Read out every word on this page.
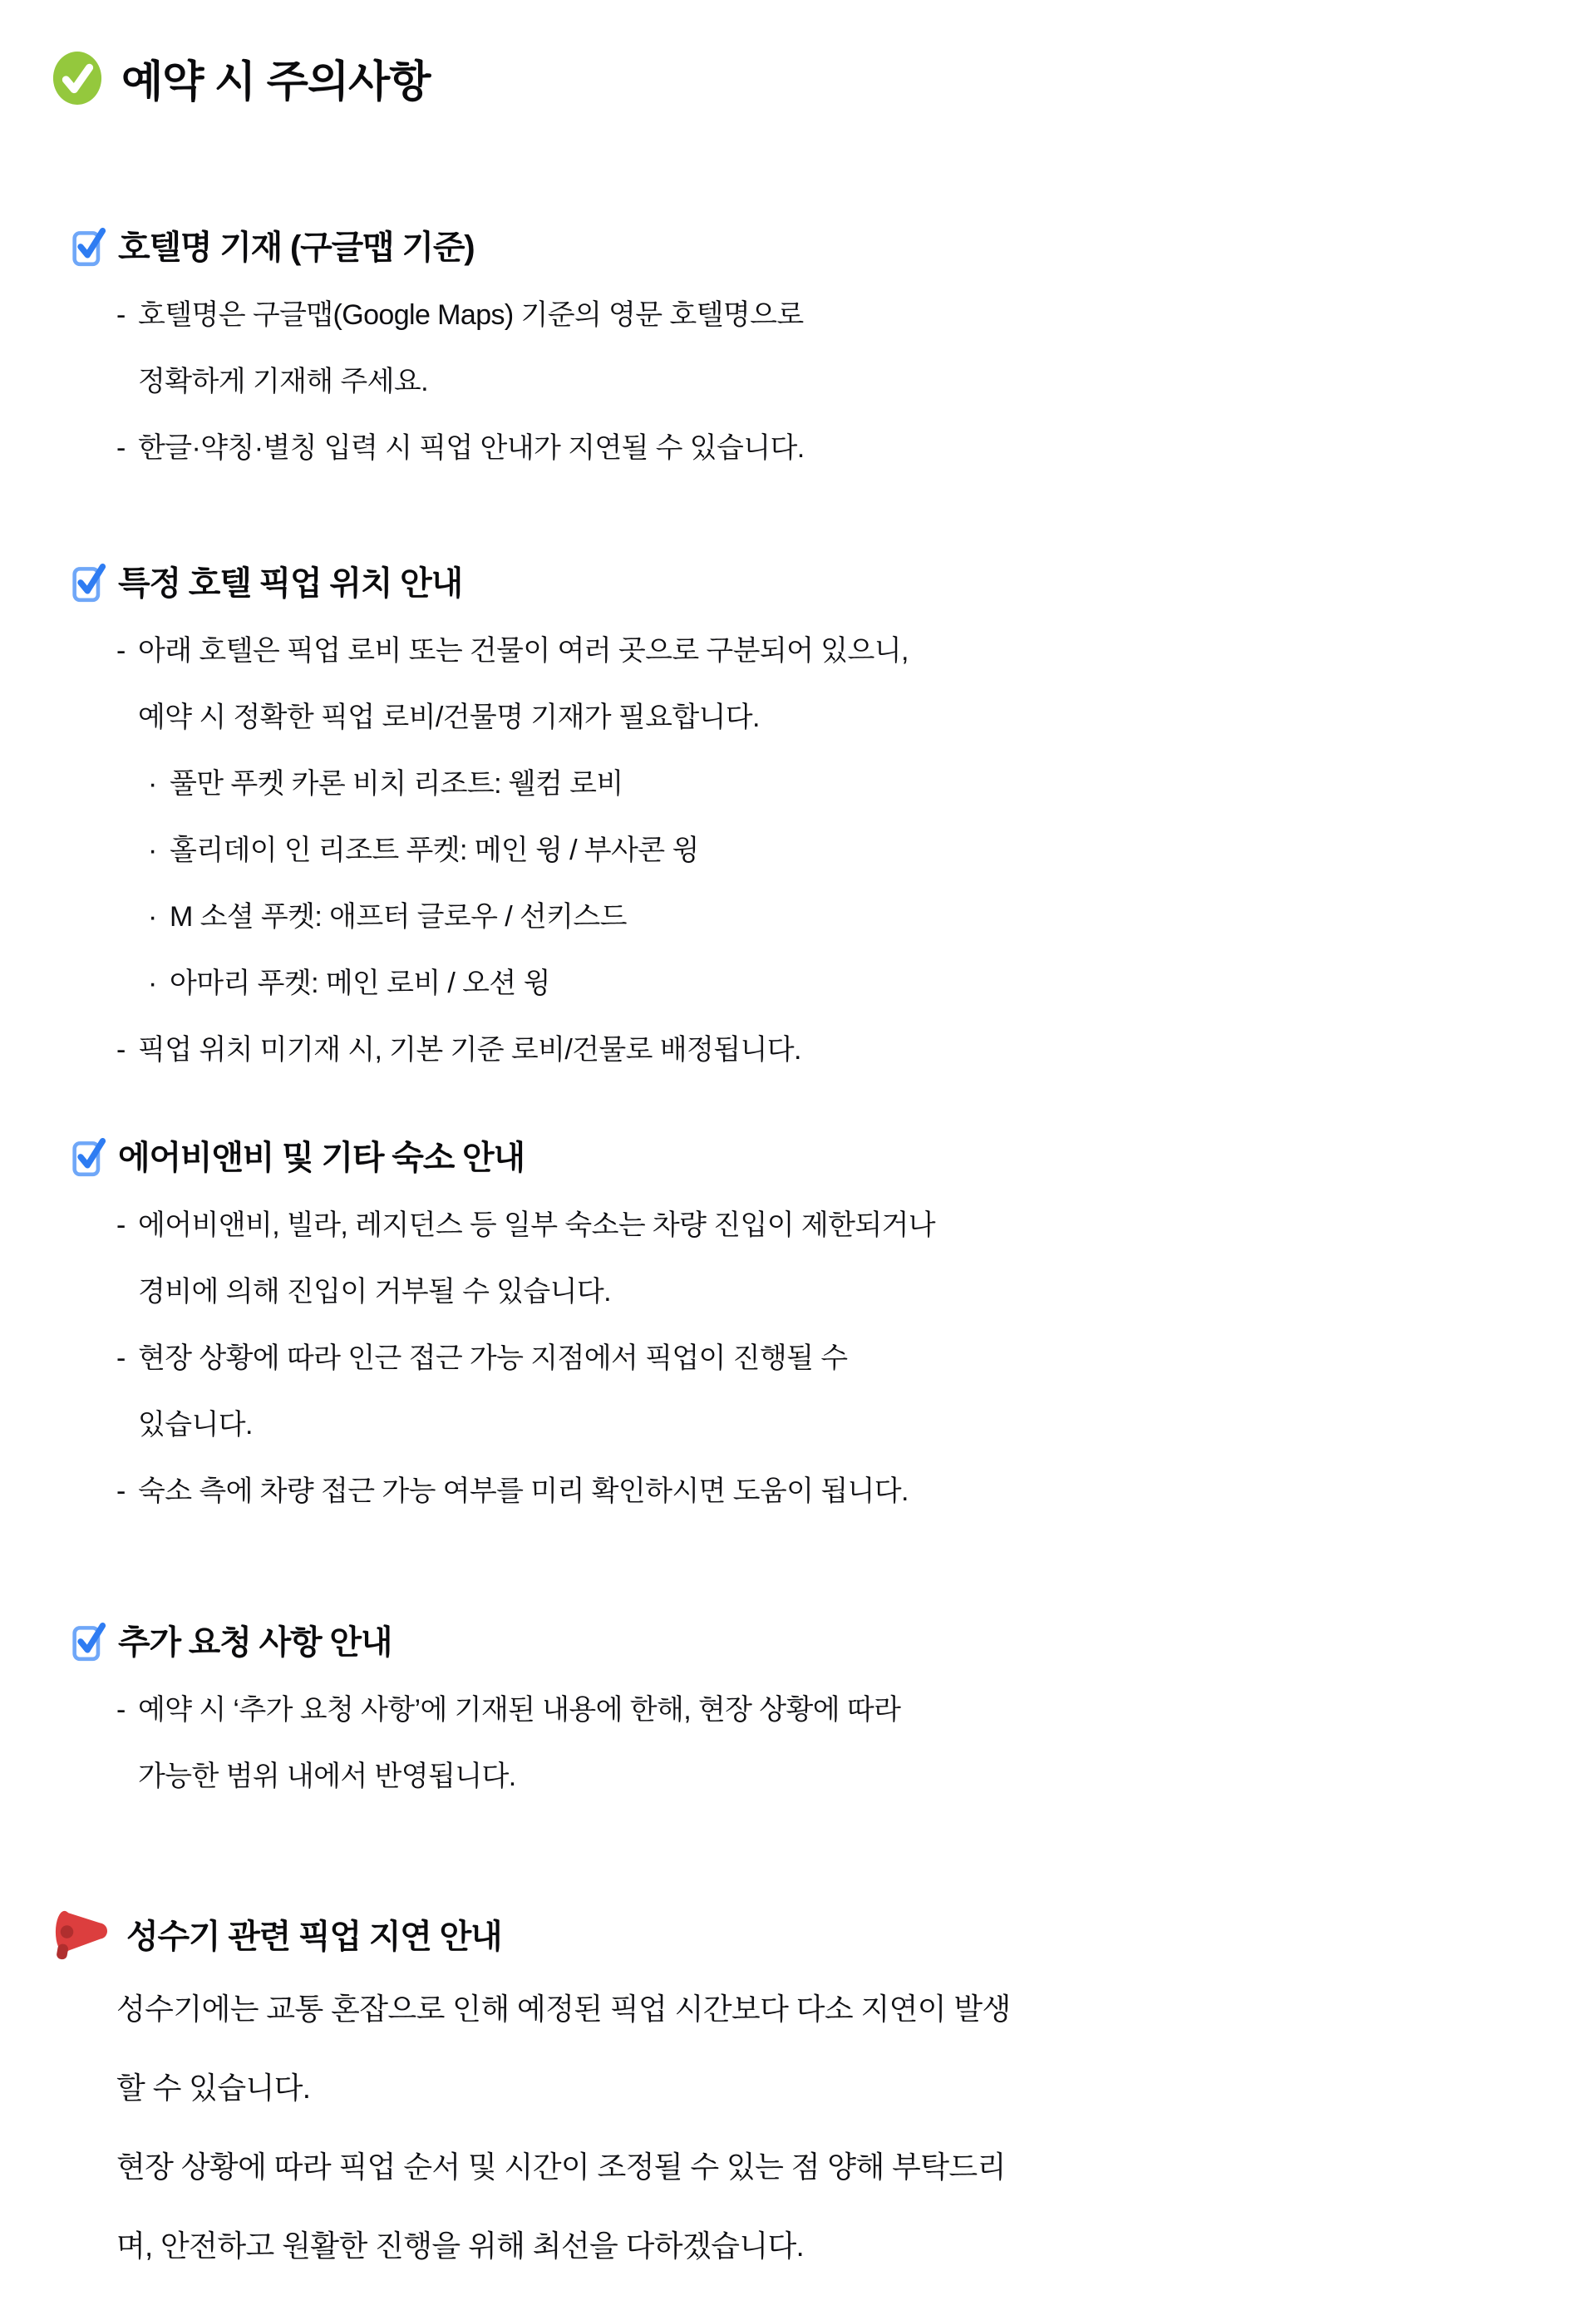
예약 시 주의사항
호텔명 기재 (구글맵 기준)
- 호텔명은 구글맵(Google Maps) 기준의 영문 호텔명으로
정확하게 기재해 주세요.
- 한글·약칭·별칭 입력 시 픽업 안내가 지연될 수 있습니다.
특정 호텔 픽업 위치 안내
- 아래 호텔은 픽업 로비 또는 건물이 여러 곳으로 구분되어 있으니,
예약 시 정확한 픽업 로비/건물명 기재가 필요합니다.
· 풀만 푸켓 카론 비치 리조트: 웰컴 로비
· 홀리데이 인 리조트 푸켓: 메인 윙 / 부사콘 윙
· M 소셜 푸켓: 애프터 글로우 / 선키스드
· 아마리 푸켓: 메인 로비 / 오션 윙
- 픽업 위치 미기재 시, 기본 기준 로비/건물로 배정됩니다.
에어비앤비 및 기타 숙소 안내
- 에어비앤비, 빌라, 레지던스 등 일부 숙소는 차량 진입이 제한되거나
경비에 의해 진입이 거부될 수 있습니다.
- 현장 상황에 따라 인근 접근 가능 지점에서 픽업이 진행될 수
있습니다.
- 숙소 측에 차량 접근 가능 여부를 미리 확인하시면 도움이 됩니다.
추가 요청 사항 안내
- 예약 시 ‘추가 요청 사항’에 기재된 내용에 한해, 현장 상황에 따라
가능한 범위 내에서 반영됩니다.
성수기 관련 픽업 지연 안내
성수기에는 교통 혼잡으로 인해 예정된 픽업 시간보다 다소 지연이 발생
할 수 있습니다.
현장 상황에 따라 픽업 순서 및 시간이 조정될 수 있는 점 양해 부탁드리
며, 안전하고 원활한 진행을 위해 최선을 다하겠습니다.
